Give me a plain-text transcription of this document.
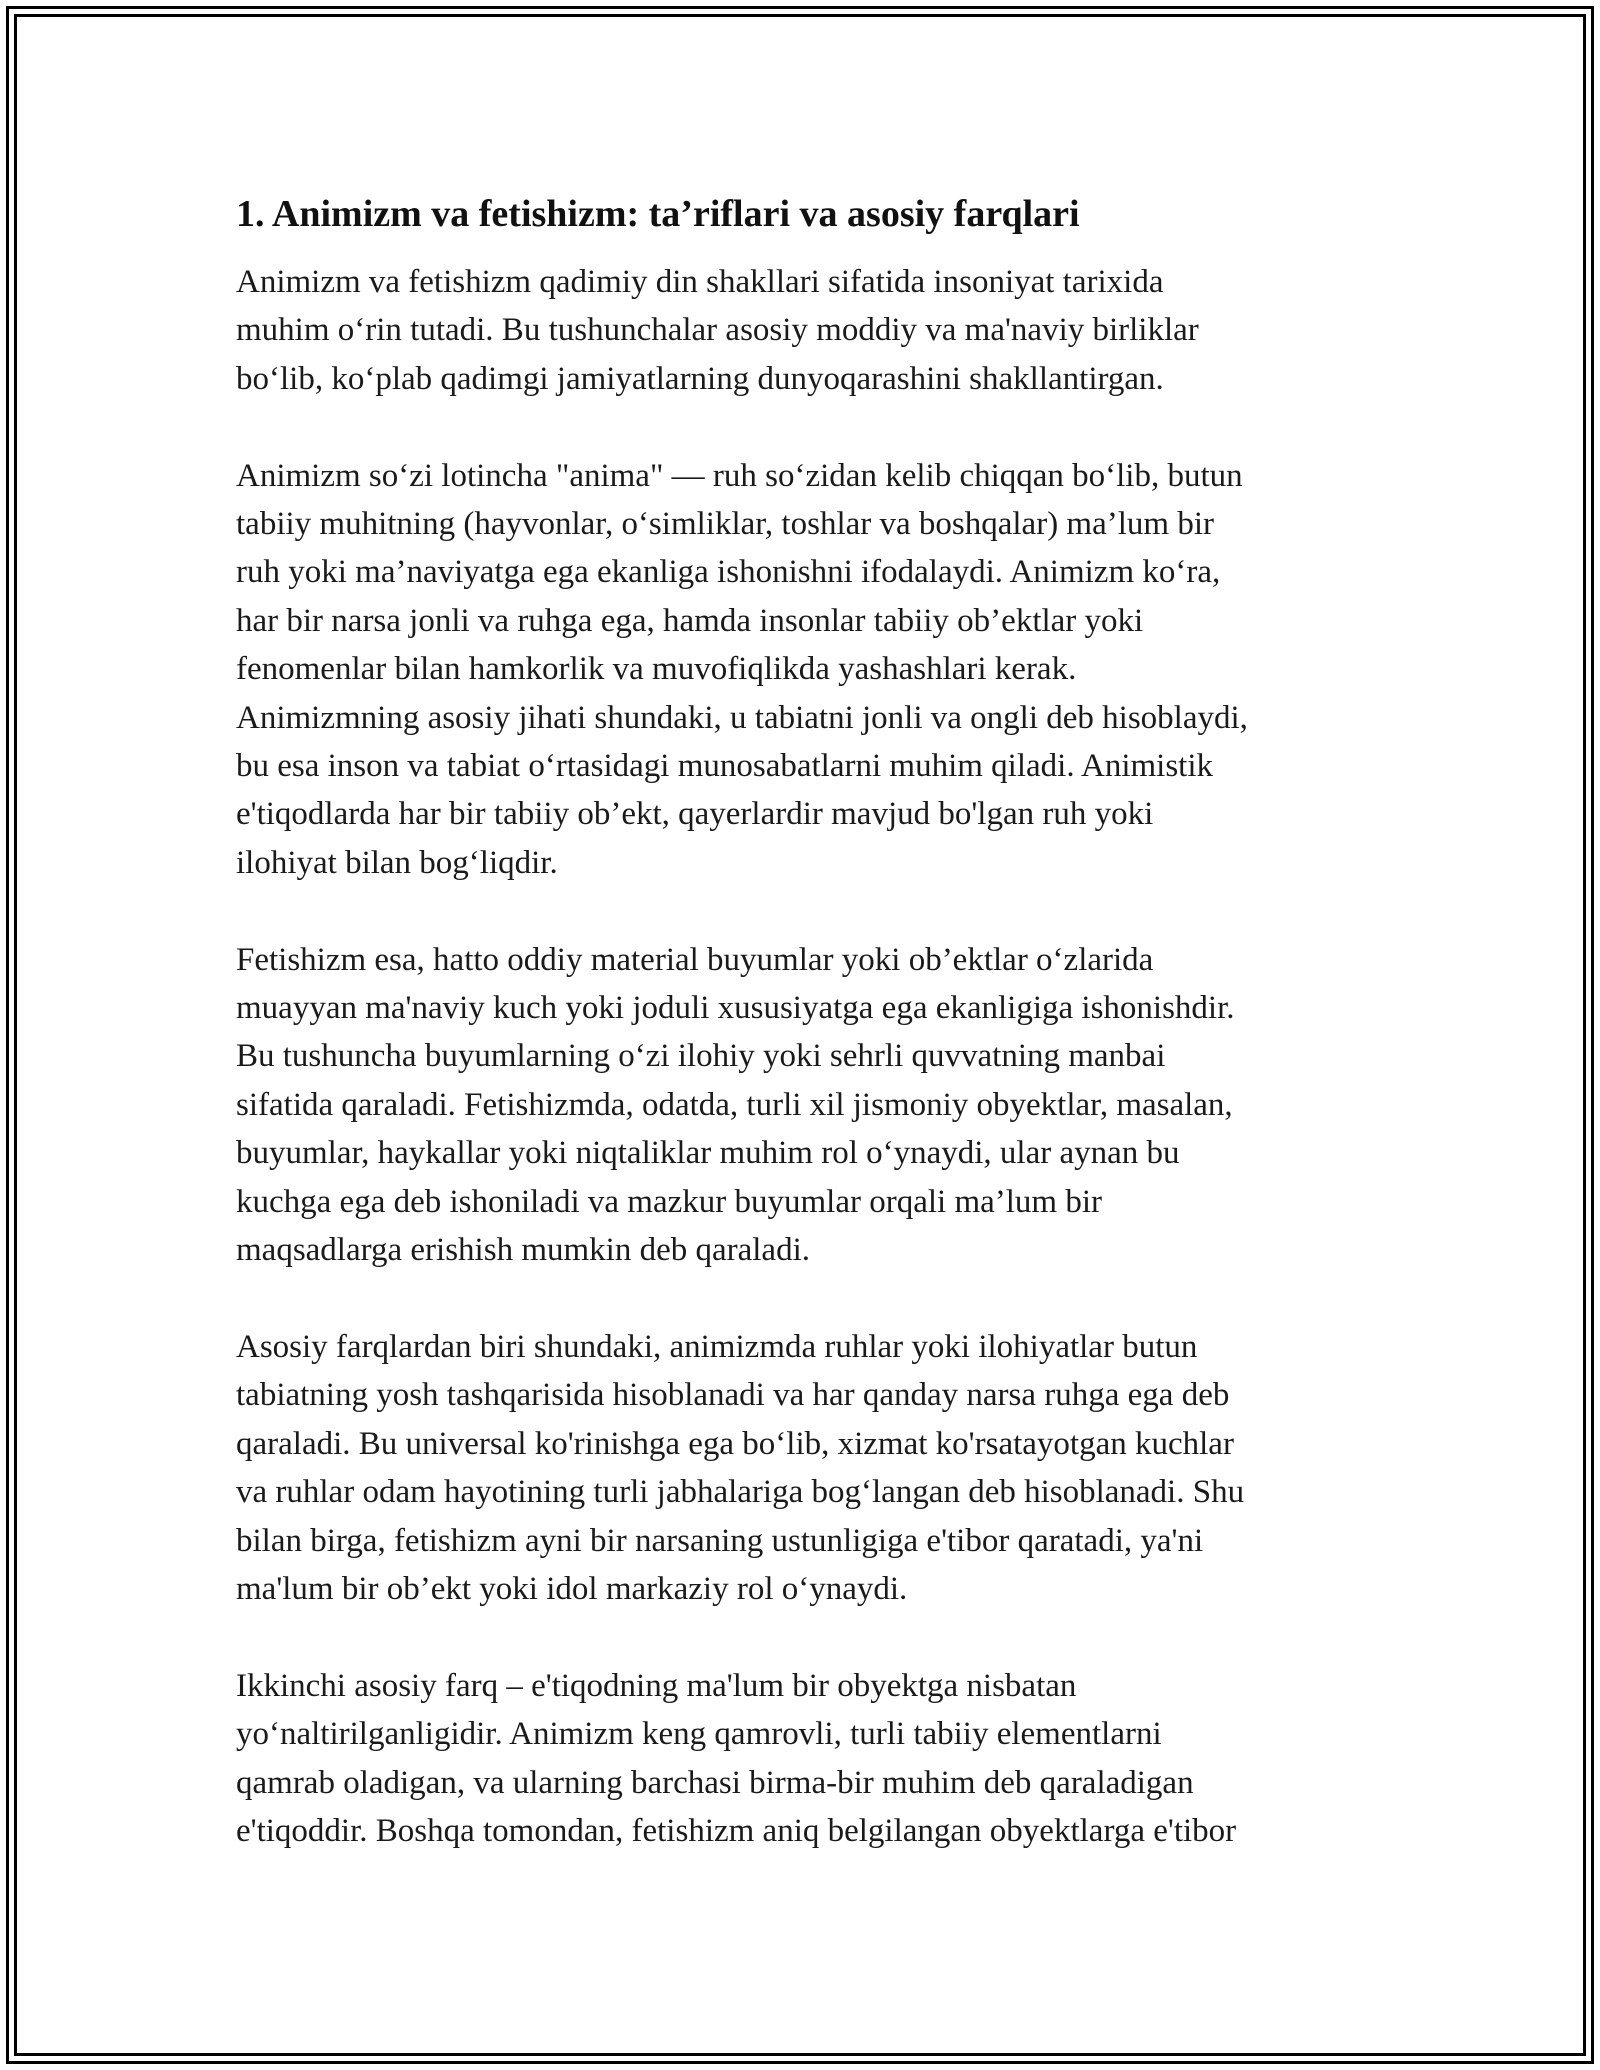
1. Animizm va fetishizm: ta’riflari va asosiy farqlari

Animizm va fetishizm qadimiy din shakllari sifatida insoniyat tarixida
muhim o‘rin tutadi. Bu tushunchalar asosiy moddiy va ma'naviy birliklar
bo‘lib, ko‘plab qadimgi jamiyatlarning dunyoqarashini shakllantirgan.

Animizm so‘zi lotincha "anima" — ruh so‘zidan kelib chiqqan bo‘lib, butun
tabiiy muhitning (hayvonlar, o‘simliklar, toshlar va boshqalar) ma’lum bir
ruh yoki ma’naviyatga ega ekanliga ishonishni ifodalaydi. Animizm ko‘ra,
har bir narsa jonli va ruhga ega, hamda insonlar tabiiy ob’ektlar yoki
fenomenlar bilan hamkorlik va muvofiqlikda yashashlari kerak.
Animizmning asosiy jihati shundaki, u tabiatni jonli va ongli deb hisoblaydi,
bu esa inson va tabiat o‘rtasidagi munosabatlarni muhim qiladi. Animistik
e'tiqodlarda har bir tabiiy ob’ekt, qayerlardir mavjud bo'lgan ruh yoki
ilohiyat bilan bog‘liqdir.

Fetishizm esa, hatto oddiy material buyumlar yoki ob’ektlar o‘zlarida
muayyan ma'naviy kuch yoki joduli xususiyatga ega ekanligiga ishonishdir.
Bu tushuncha buyumlarning o‘zi ilohiy yoki sehrli quvvatning manbai
sifatida qaraladi. Fetishizmda, odatda, turli xil jismoniy obyektlar, masalan,
buyumlar, haykallar yoki niqtaliklar muhim rol o‘ynaydi, ular aynan bu
kuchga ega deb ishoniladi va mazkur buyumlar orqali ma’lum bir
maqsadlarga erishish mumkin deb qaraladi.

Asosiy farqlardan biri shundaki, animizmda ruhlar yoki ilohiyatlar butun
tabiatning yosh tashqarisida hisoblanadi va har qanday narsa ruhga ega deb
qaraladi. Bu universal ko'rinishga ega bo‘lib, xizmat ko'rsatayotgan kuchlar
va ruhlar odam hayotining turli jabhalariga bog‘langan deb hisoblanadi. Shu
bilan birga, fetishizm ayni bir narsaning ustunligiga e'tibor qaratadi, ya'ni
ma'lum bir ob’ekt yoki idol markaziy rol o‘ynaydi.

Ikkinchi asosiy farq – e'tiqodning ma'lum bir obyektga nisbatan
yo‘naltirilganligidir. Animizm keng qamrovli, turli tabiiy elementlarni
qamrab oladigan, va ularning barchasi birma-bir muhim deb qaraladigan
e'tiqoddir. Boshqa tomondan, fetishizm aniq belgilangan obyektlarga e'tibor
